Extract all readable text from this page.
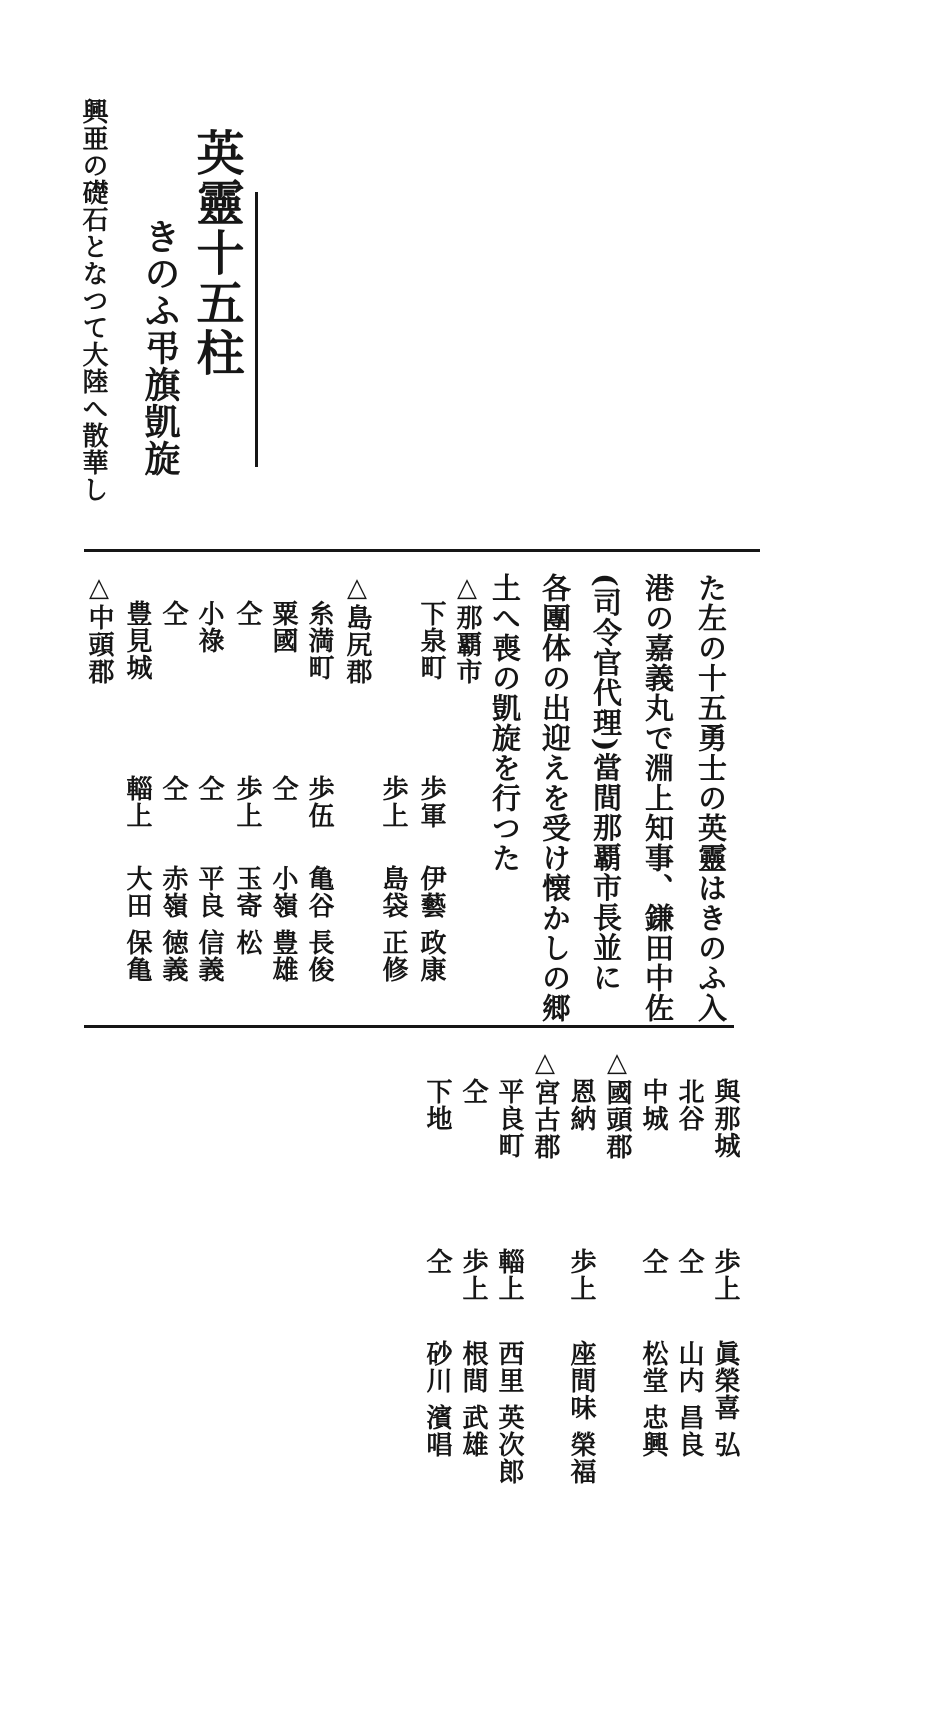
英靈十五柱
きのふ弔旗凱旋
興亜の礎石となつて大陸へ散華し
た左の十五勇士の英靈はきのふ入
港の嘉義丸で淵上知事、鎌田中佐
(司令官代理)當間那覇市長並に
各團体の出迎えを受け懐かしの郷
土へ喪の凱旋を行つた
△那覇市
下泉町
歩軍
伊藝 政康
歩上
島袋 正修
△島尻郡
糸満町
歩伍
亀谷 長俊
粟國
仝
小嶺 豊雄
仝
歩上
玉寄 松
小祿
仝
平良 信義
仝
仝
赤嶺 徳義
豊見城
輜上
大田 保亀
△中頭郡
與那城
歩上
眞榮喜 弘
北谷
仝
山内 昌良
中城
仝
松堂 忠興
△國頭郡
恩納
歩上
座間味 榮福
△宮古郡
平良町
輜上
西里 英次郎
仝
歩上
根間 武雄
下地
仝
砂川 濱唱
